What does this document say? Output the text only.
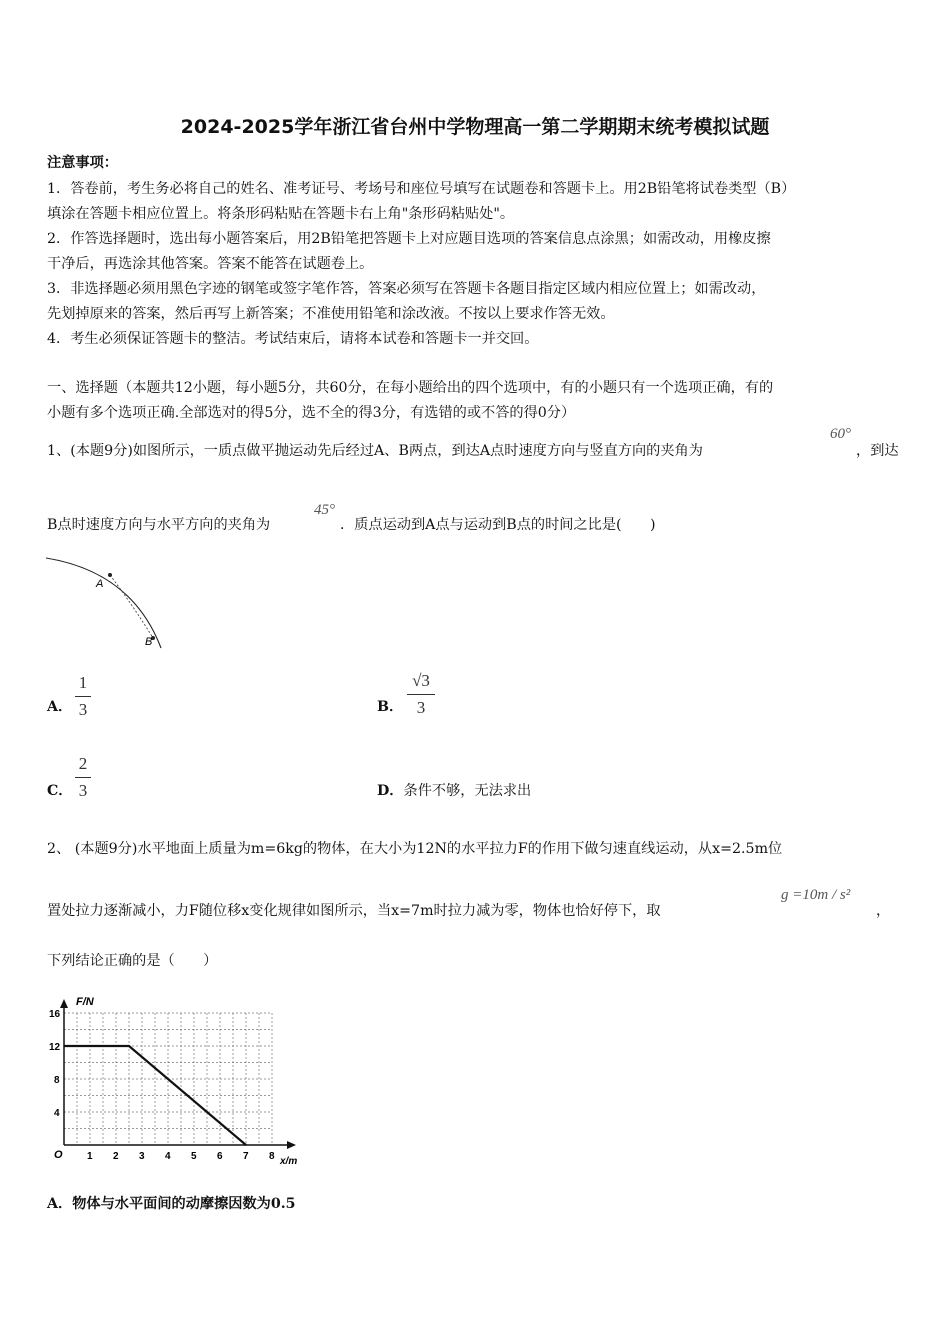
2024-2025学年浙江省台州中学物理高一第二学期期末统考模拟试题
注意事项：
1．答卷前，考生务必将自己的姓名、准考证号、考场号和座位号填写在试题卷和答题卡上。用2B铅笔将试卷类型（B）
填涂在答题卡相应位置上。将条形码粘贴在答题卡右上角"条形码粘贴处"。
2．作答选择题时，选出每小题答案后，用2B铅笔把答题卡上对应题目选项的答案信息点涂黑；如需改动，用橡皮擦
干净后，再选涂其他答案。答案不能答在试题卷上。
3．非选择题必须用黑色字迹的钢笔或签字笔作答，答案必须写在答题卡各题目指定区域内相应位置上；如需改动，
先划掉原来的答案，然后再写上新答案；不准使用铅笔和涂改液。不按以上要求作答无效。
4．考生必须保证答题卡的整洁。考试结束后，请将本试卷和答题卡一并交回。
一、选择题（本题共12小题，每小题5分，共60分，在每小题给出的四个选项中，有的小题只有一个选项正确，有的
小题有多个选项正确.全部选对的得5分，选不全的得3分，有选错的或不答的得0分）
1、(本题9分)如图所示，一质点做平抛运动先后经过A、B两点，到达A点时速度方向与竖直方向的夹角为
60°
，到达
B点时速度方向与水平方向的夹角为
45°
．质点运动到A点与运动到B点的时间之比是(　　)
A
B
A．
1
3	B．
√3
3
C．
2
3	D．条件不够，无法求出
2、 (本题9分)水平地面上质量为m=6kg的物体，在大小为12N的水平拉力F的作用下做匀速直线运动，从x=2.5m位
置处拉力逐渐减小，力F随位移x变化规律如图所示，当x=7m时拉力减为零，物体也恰好停下，取
g =10m / s²
，
下列结论正确的是（　　）
F/N
x/m
O 1 2 3 4 5 6 7 8
4
8
12
16
A．物体与水平面间的动摩擦因数为0.5
